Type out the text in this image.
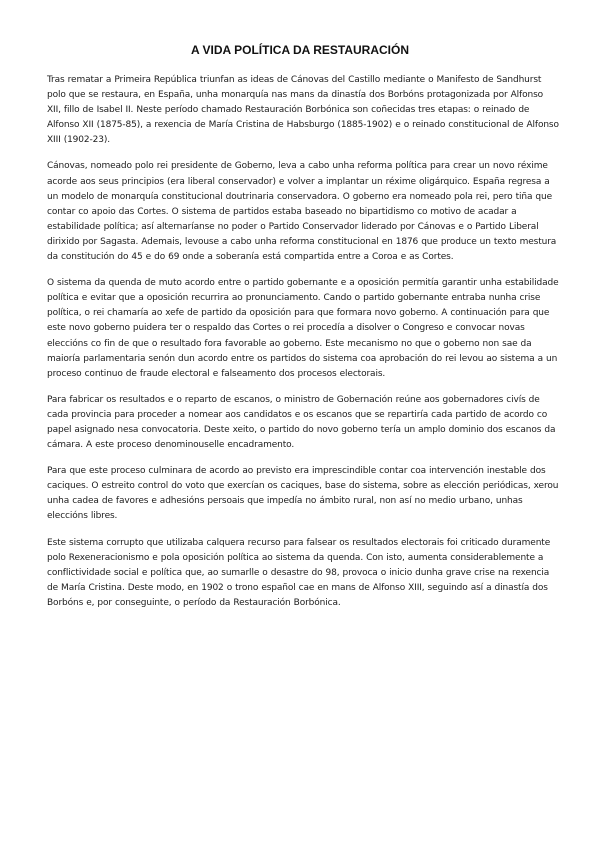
A VIDA POLÍTICA DA RESTAURACIÓN

Tras rematar a Primeira República triunfan as ideas de Cánovas del Castillo mediante o Manifesto de Sandhurst polo que se restaura, en España, unha monarquía nas mans da dinastía dos Borbóns protagonizada por Alfonso XII, fillo de Isabel II. Neste período chamado Restauración Borbónica son coñecidas tres etapas: o reinado de Alfonso XII (1875-85), a rexencia de María Cristina de Habsburgo (1885-1902) e o reinado constitucional de Alfonso XIII (1902-23).

Cánovas, nomeado polo rei presidente de Goberno, leva a cabo unha reforma política para crear un novo réxime acorde aos seus principios (era liberal conservador) e volver a implantar un réxime oligárquico. España regresa a un modelo de monarquía constitucional doutrinaria conservadora. O goberno era nomeado pola rei, pero tiña que contar co apoio das Cortes. O sistema de partidos estaba baseado no bipartidismo co motivo de acadar a estabilidade política; así alternaríanse no poder o Partido Conservador liderado por Cánovas e o Partido Liberal dirixido por Sagasta. Ademais, levouse a cabo unha reforma constitucional en 1876 que produce un texto mestura da constitución do 45 e do 69 onde a soberanía está compartida entre a Coroa e as Cortes.

O sistema da quenda de muto acordo entre o partido gobernante e a oposición permitía garantir unha estabilidade política e evitar que a oposición recurrira ao pronunciamento. Cando o partido gobernante entraba nunha crise política, o rei chamaría ao xefe de partido da oposición para que formara novo goberno. A continuación para que este novo goberno puidera ter o respaldo das Cortes o rei procedía a disolver o Congreso e convocar novas eleccións co fin de que o resultado fora favorable ao goberno. Este mecanismo no que o goberno non sae da maioría parlamentaria senón dun acordo entre os partidos do sistema coa aprobación do rei levou ao sistema a un proceso continuo de fraude electoral e falseamento dos procesos electorais.

Para fabricar os resultados e o reparto de escanos, o ministro de Gobernación reúne aos gobernadores civís de cada provincia para proceder a nomear aos candidatos e os escanos que se repartiría cada partido de acordo co papel asignado nesa convocatoria. Deste xeito, o partido do novo goberno tería un amplo dominio dos escanos da cámara. A este proceso denominouselle encadramento.

Para que este proceso culminara de acordo ao previsto era imprescindible contar coa intervención inestable dos caciques. O estreito control do voto que exercían os caciques, base do sistema, sobre as elección periódicas, xerou unha cadea de favores e adhesións persoais que impedía no ámbito rural, non así no medio urbano, unhas eleccións libres.

Este sistema corrupto que utilizaba calquera recurso para falsear os resultados electorais foi criticado duramente polo Rexeneracionismo e pola oposición política ao sistema da quenda. Con isto, aumenta considerablemente a conflictividade social e política que, ao sumarlle o desastre do 98, provoca o inicio dunha grave crise na rexencia de María Cristina. Deste modo, en 1902 o trono español cae en mans de Alfonso XIII, seguindo así a dinastía dos Borbóns e, por conseguinte, o período da Restauración Borbónica.
